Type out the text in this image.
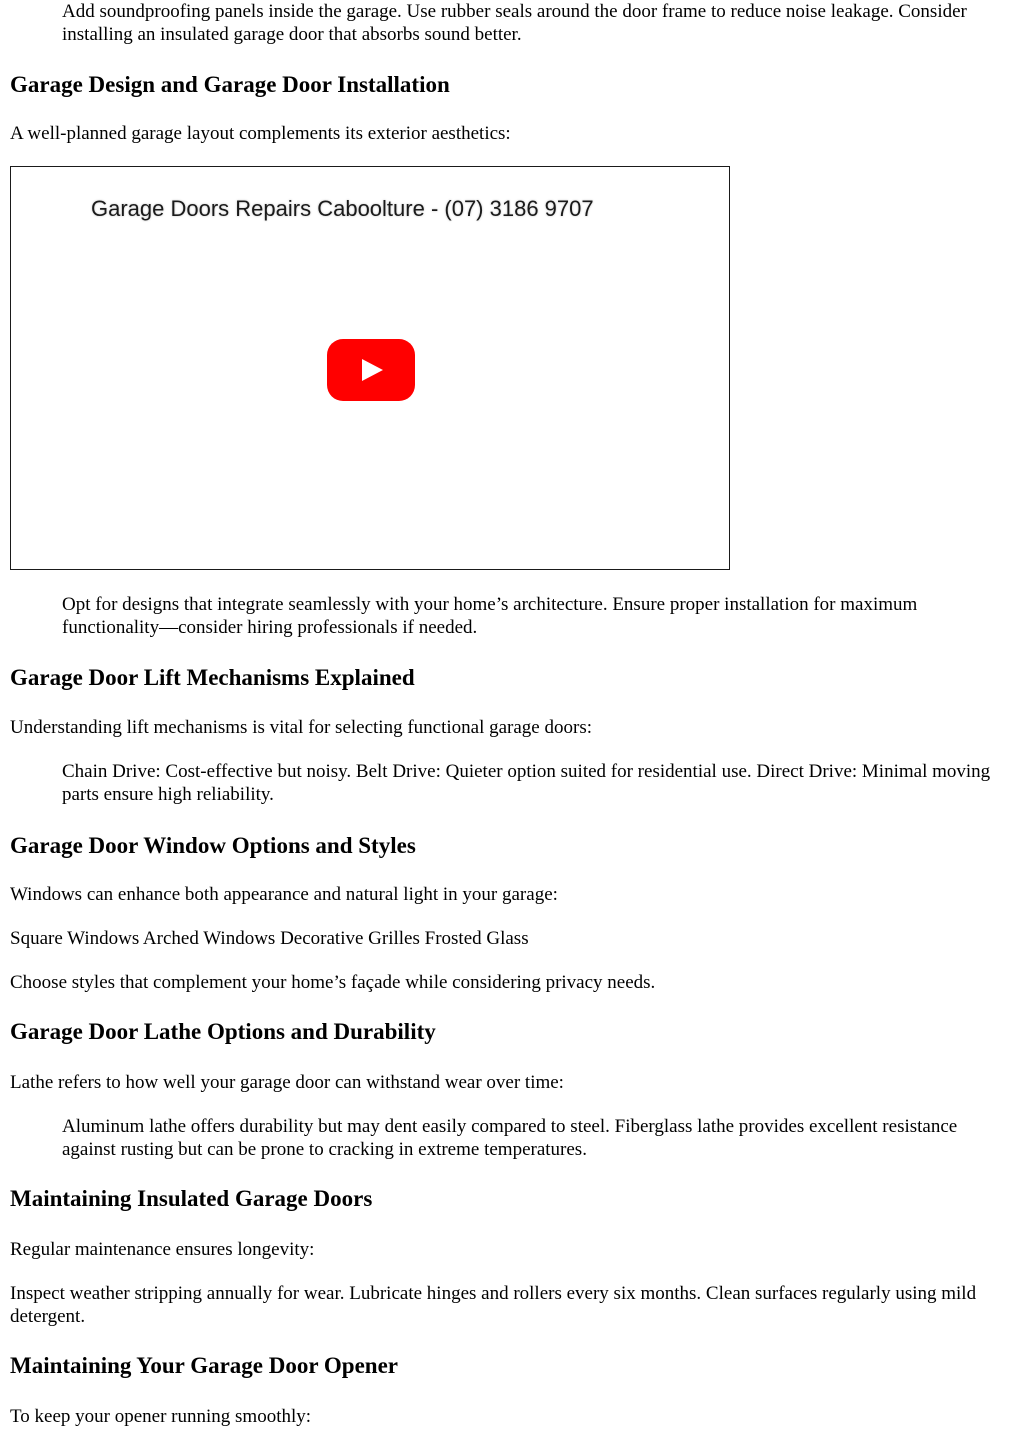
Add soundproofing panels inside the garage. Use rubber seals around the door frame to reduce noise leakage. Consider installing an insulated garage door that absorbs sound better.

Garage Design and Garage Door Installation

A well-planned garage layout complements its exterior aesthetics:

Garage Doors Repairs Caboolture - (07) 3186 9707

Opt for designs that integrate seamlessly with your home’s architecture. Ensure proper installation for maximum functionality—consider hiring professionals if needed.

Garage Door Lift Mechanisms Explained

Understanding lift mechanisms is vital for selecting functional garage doors:

Chain Drive: Cost-effective but noisy. Belt Drive: Quieter option suited for residential use. Direct Drive: Minimal moving parts ensure high reliability.

Garage Door Window Options and Styles

Windows can enhance both appearance and natural light in your garage:

Square Windows Arched Windows Decorative Grilles Frosted Glass

Choose styles that complement your home’s façade while considering privacy needs.

Garage Door Lathe Options and Durability

Lathe refers to how well your garage door can withstand wear over time:

Aluminum lathe offers durability but may dent easily compared to steel. Fiberglass lathe provides excellent resistance against rusting but can be prone to cracking in extreme temperatures.

Maintaining Insulated Garage Doors

Regular maintenance ensures longevity:

Inspect weather stripping annually for wear. Lubricate hinges and rollers every six months. Clean surfaces regularly using mild detergent.

Maintaining Your Garage Door Opener

To keep your opener running smoothly:
